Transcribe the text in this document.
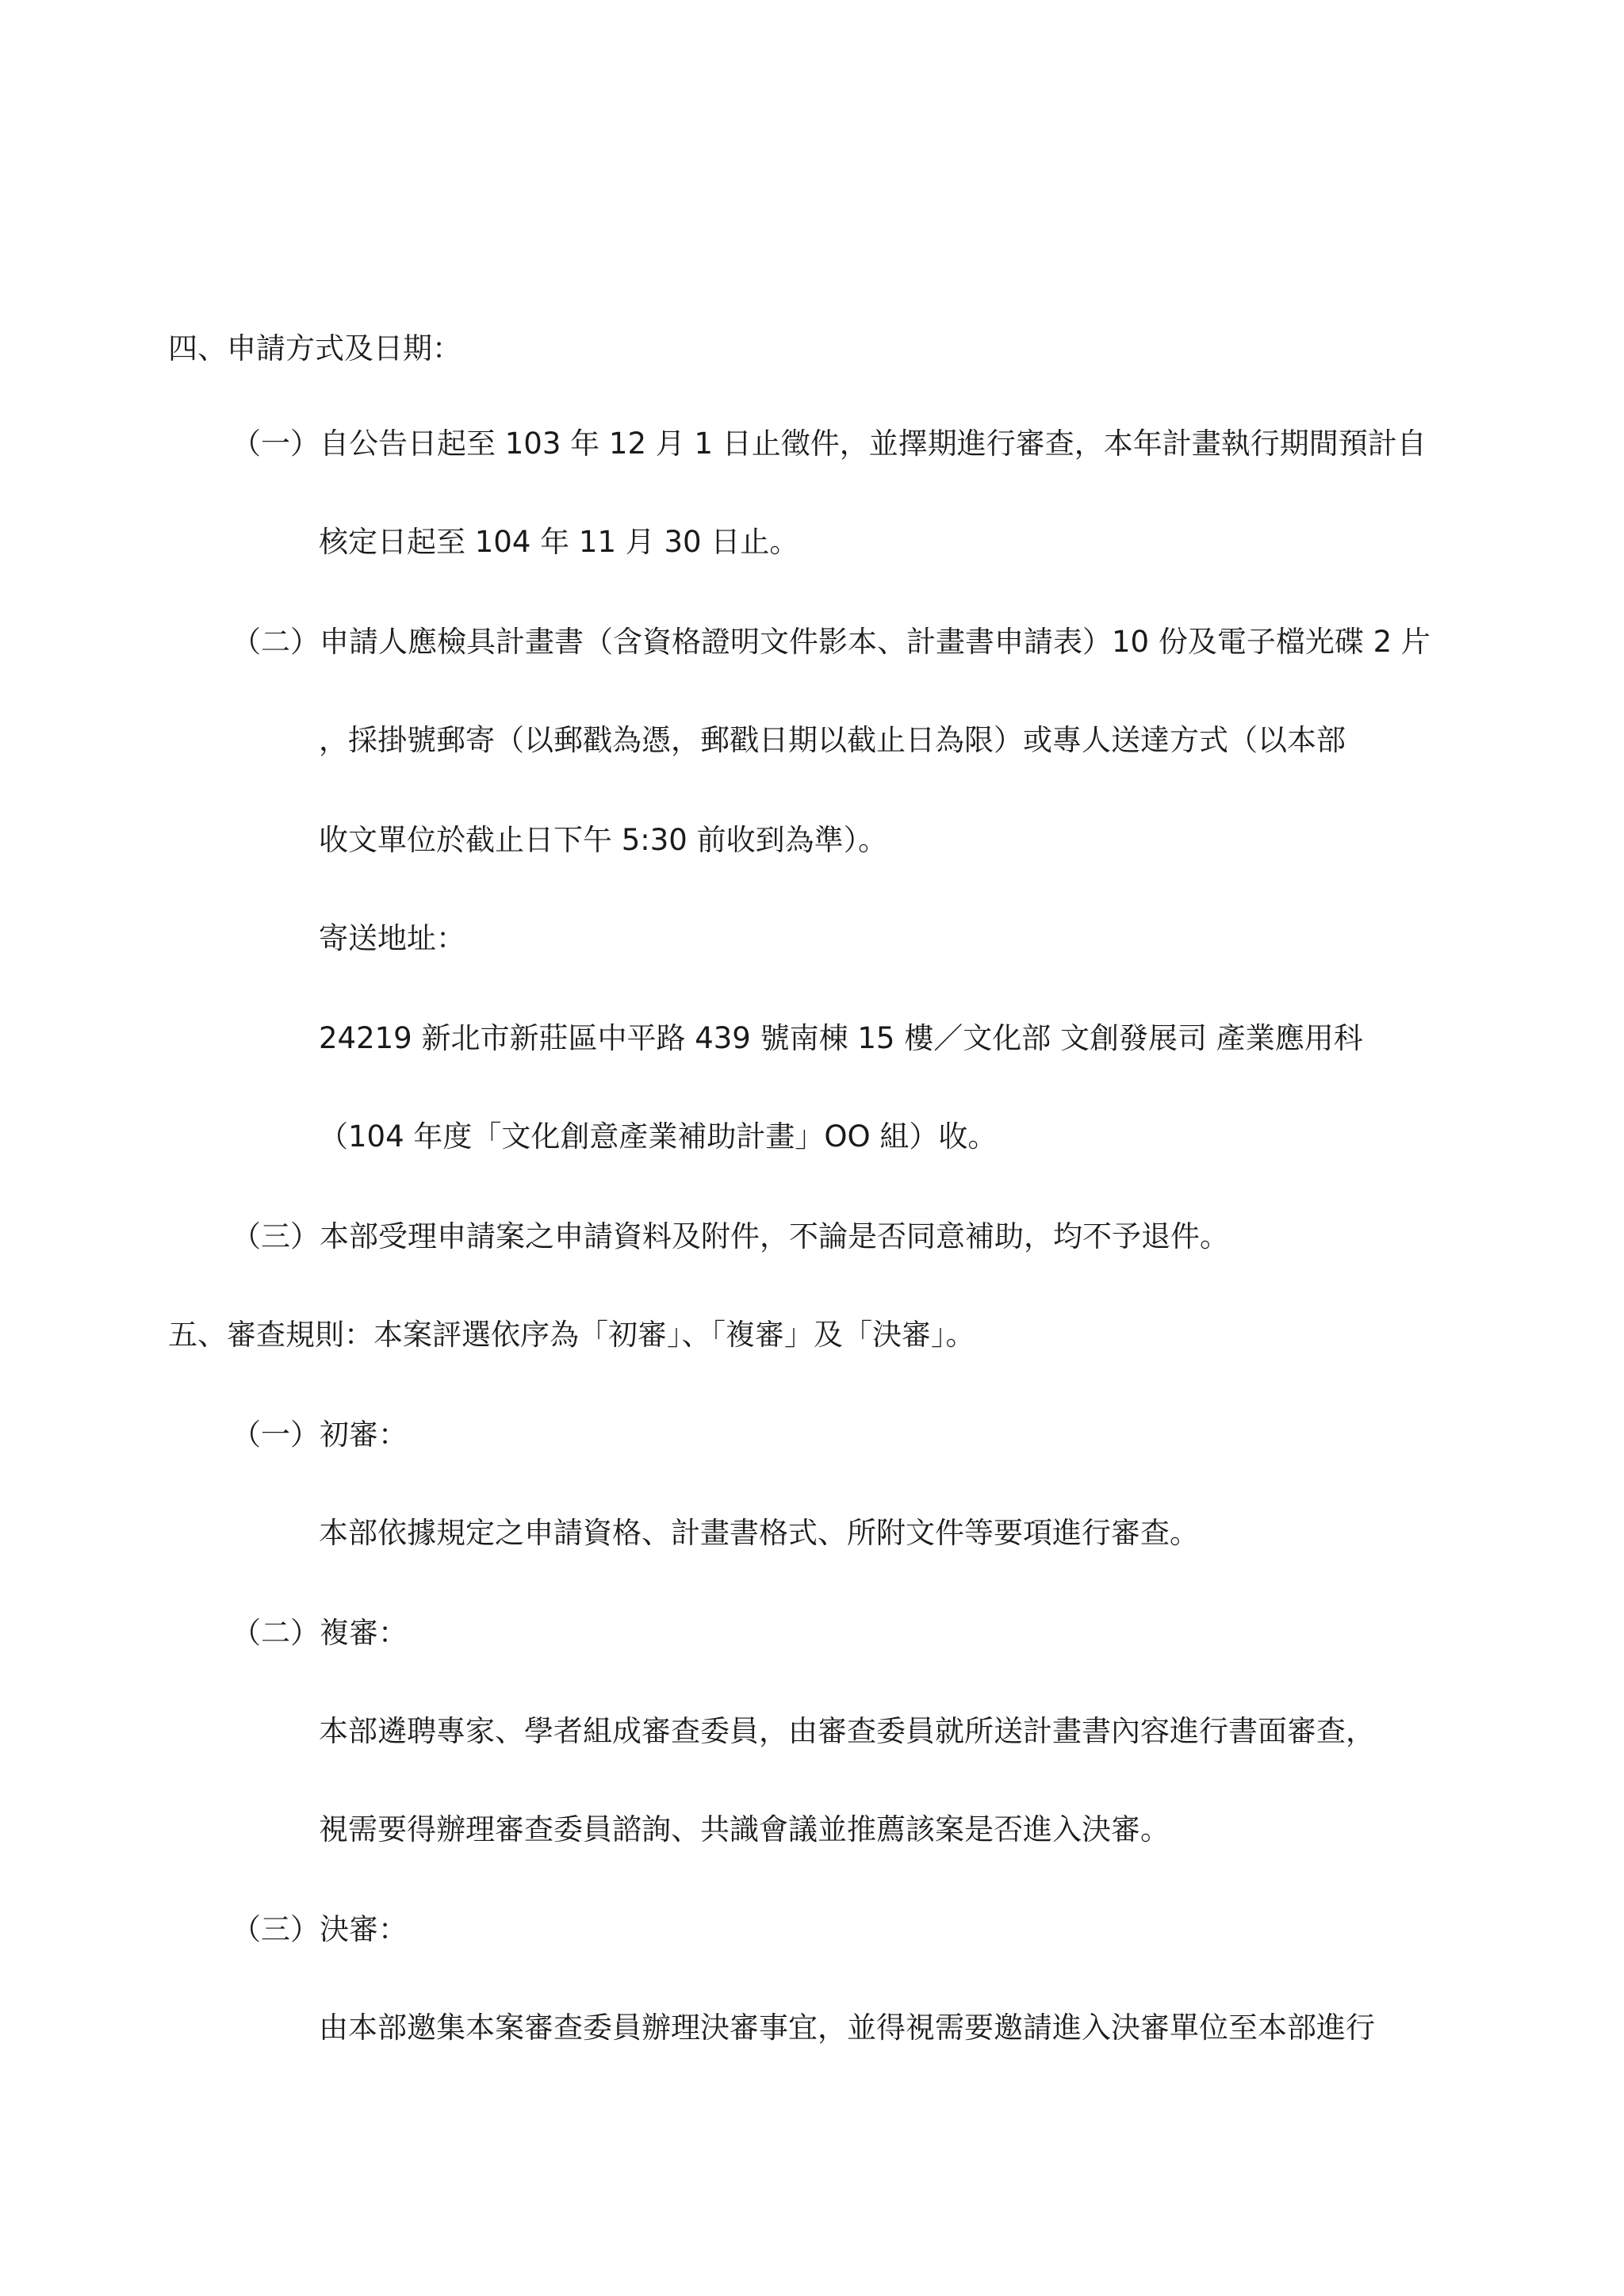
四、申請方式及日期：
（一）自公告日起至 103 年 12 月 1 日止徵件，並擇期進行審查，本年計畫執行期間預計自
核定日起至 104 年 11 月 30 日止。
（二）申請人應檢具計畫書（含資格證明文件影本、計畫書申請表）10 份及電子檔光碟 2 片
，採掛號郵寄（以郵戳為憑，郵戳日期以截止日為限）或專人送達方式（以本部
收文單位於截止日下午 5:30 前收到為準）。
寄送地址：
24219 新北市新莊區中平路 439 號南棟 15 樓／文化部 文創發展司 產業應用科
（104 年度「文化創意產業補助計畫」OO 組）收。
（三）本部受理申請案之申請資料及附件，不論是否同意補助，均不予退件。
五、審查規則：本案評選依序為「初審」、「複審」及「決審」。
（一）初審：
本部依據規定之申請資格、計畫書格式、所附文件等要項進行審查。
（二）複審：
本部遴聘專家、學者組成審查委員，由審查委員就所送計畫書內容進行書面審查，
視需要得辦理審查委員諮詢、共識會議並推薦該案是否進入決審。
（三）決審：
由本部邀集本案審查委員辦理決審事宜，並得視需要邀請進入決審單位至本部進行
